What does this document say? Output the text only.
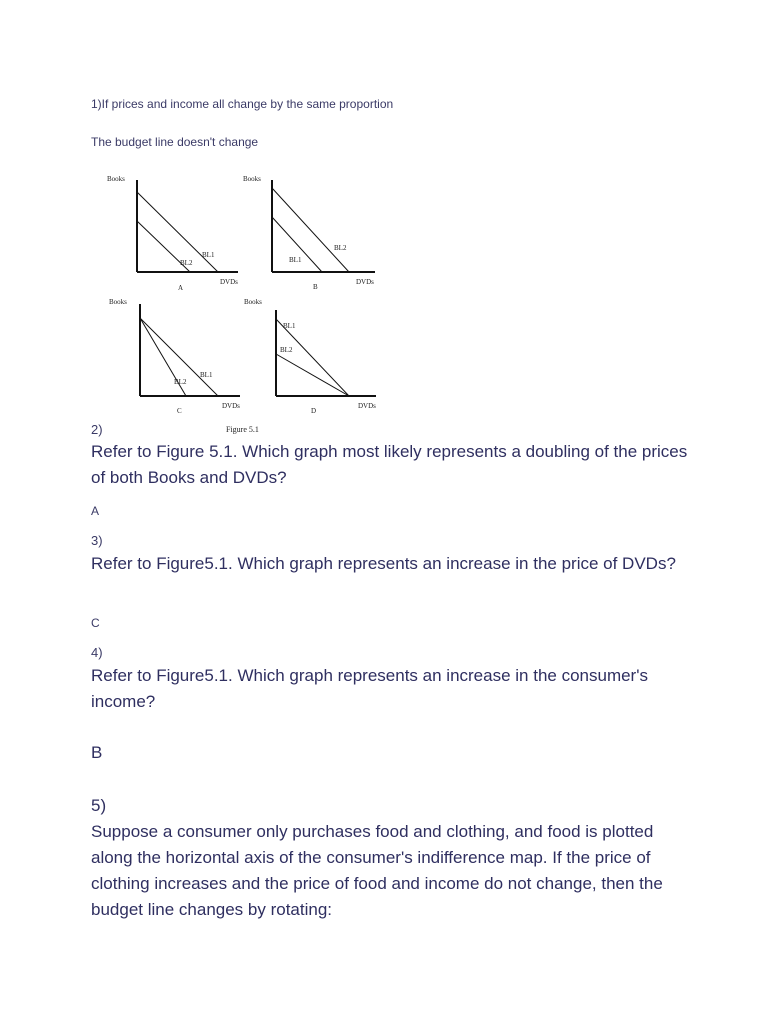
1)If prices and income all change by the same proportion
The budget line doesn't change
Books
BL1
BL2
DVDs
A
Books
BL2
BL1
DVDs
B
Books
BL1
BL2
DVDs
C
Books
BL1
BL2
DVDs
D
Figure 5.1
2)
Refer to Figure 5.1. Which graph most likely represents a doubling of the prices of both Books and DVDs?
A
3)
Refer to Figure5.1. Which graph represents an increase in the price of DVDs?
C
4)
Refer to Figure5.1. Which graph represents an increase in the consumer's income?
B
5)
Suppose a consumer only purchases food and clothing, and food is plotted along the horizontal axis of the consumer's indifference map. If the price of clothing increases and the price of food and income do not change, then the budget line changes by rotating:
